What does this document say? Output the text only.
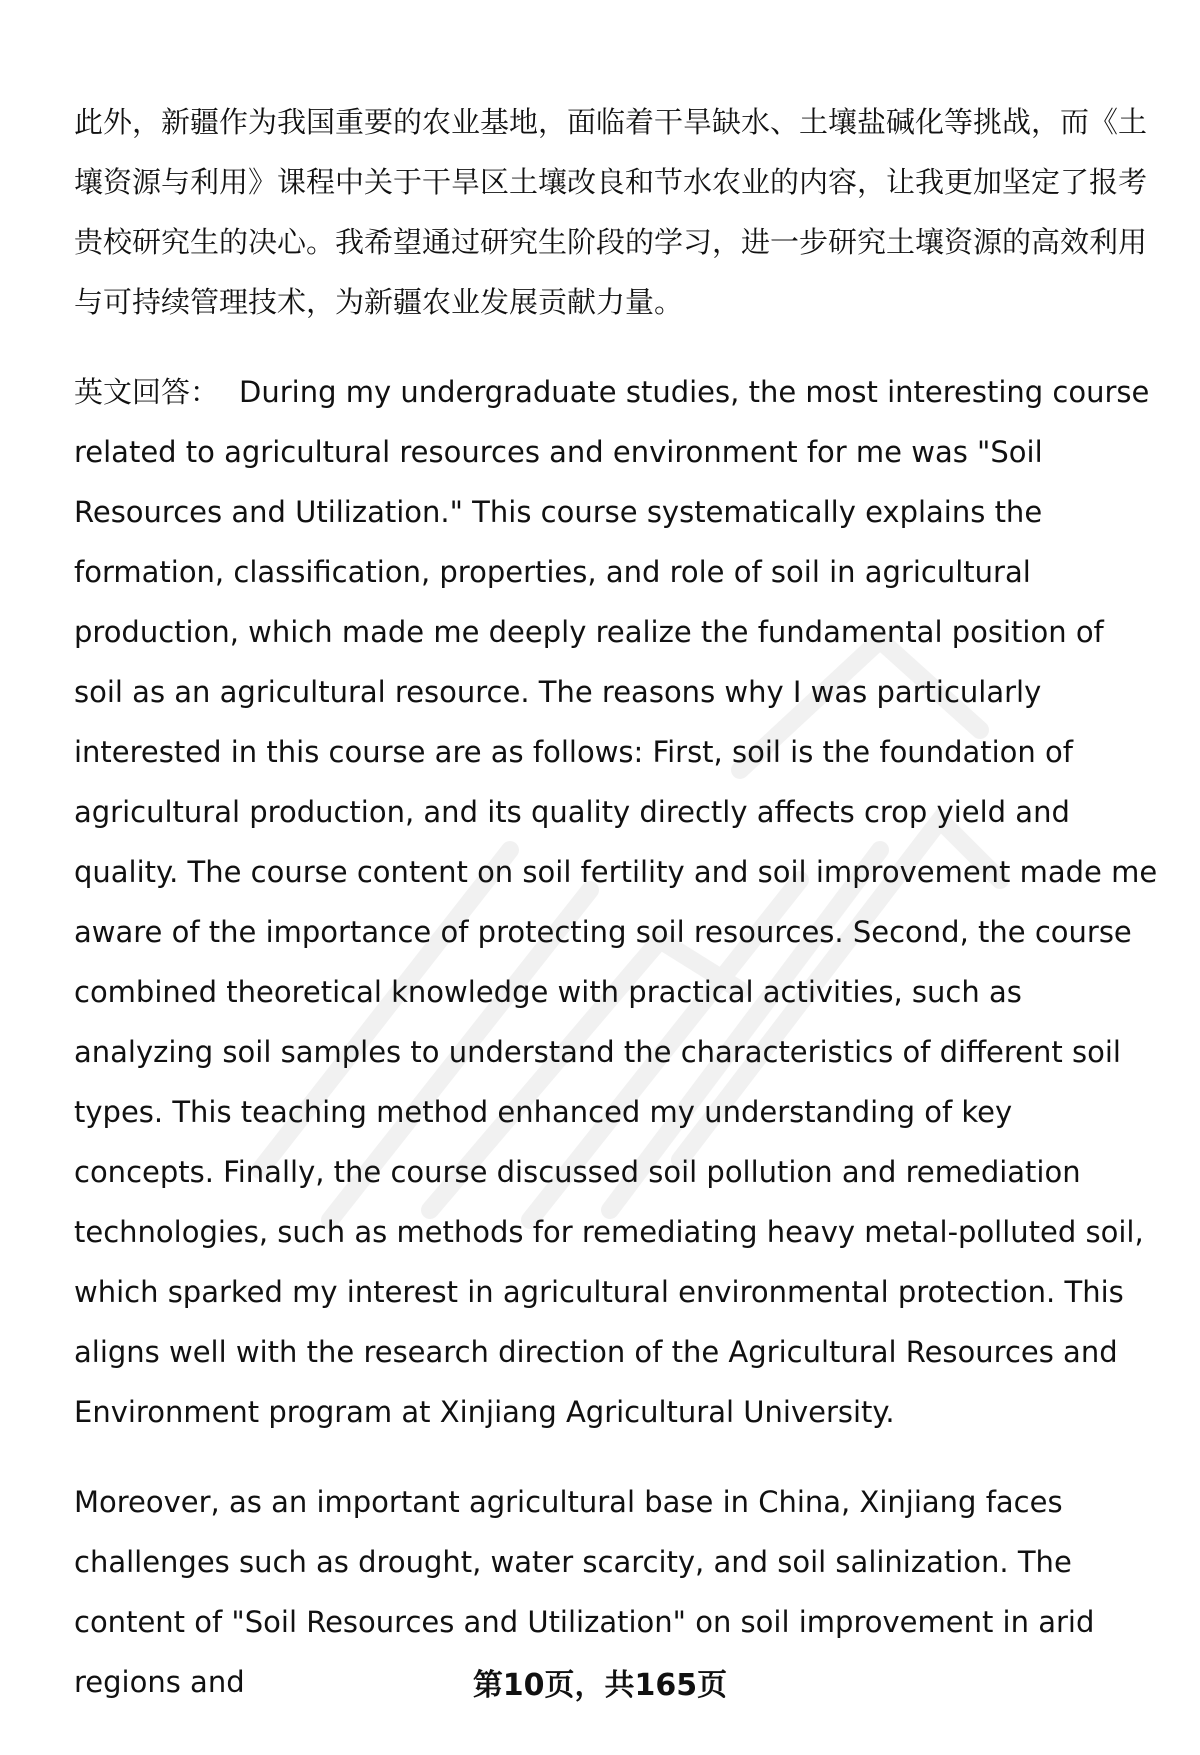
此外，新疆作为我国重要的农业基地，面临着干旱缺水、土壤盐碱化等挑战，而《土壤资源与利用》课程中关于干旱区土壤改良和节水农业的内容，让我更加坚定了报考贵校研究生的决心。我希望通过研究生阶段的学习，进一步研究土壤资源的高效利用与可持续管理技术，为新疆农业发展贡献力量。

英文回答： During my undergraduate studies, the most interesting course related to agricultural resources and environment for me was "Soil Resources and Utilization." This course systematically explains the formation, classification, properties, and role of soil in agricultural production, which made me deeply realize the fundamental position of soil as an agricultural resource. The reasons why I was particularly interested in this course are as follows: First, soil is the foundation of agricultural production, and its quality directly affects crop yield and quality. The course content on soil fertility and soil improvement made me aware of the importance of protecting soil resources. Second, the course combined theoretical knowledge with practical activities, such as analyzing soil samples to understand the characteristics of different soil types. This teaching method enhanced my understanding of key concepts. Finally, the course discussed soil pollution and remediation technologies, such as methods for remediating heavy metal-polluted soil, which sparked my interest in agricultural environmental protection. This aligns well with the research direction of the Agricultural Resources and Environment program at Xinjiang Agricultural University.

Moreover, as an important agricultural base in China, Xinjiang faces challenges such as drought, water scarcity, and soil salinization. The content of "Soil Resources and Utilization" on soil improvement in arid regions and	第10页，共165页
